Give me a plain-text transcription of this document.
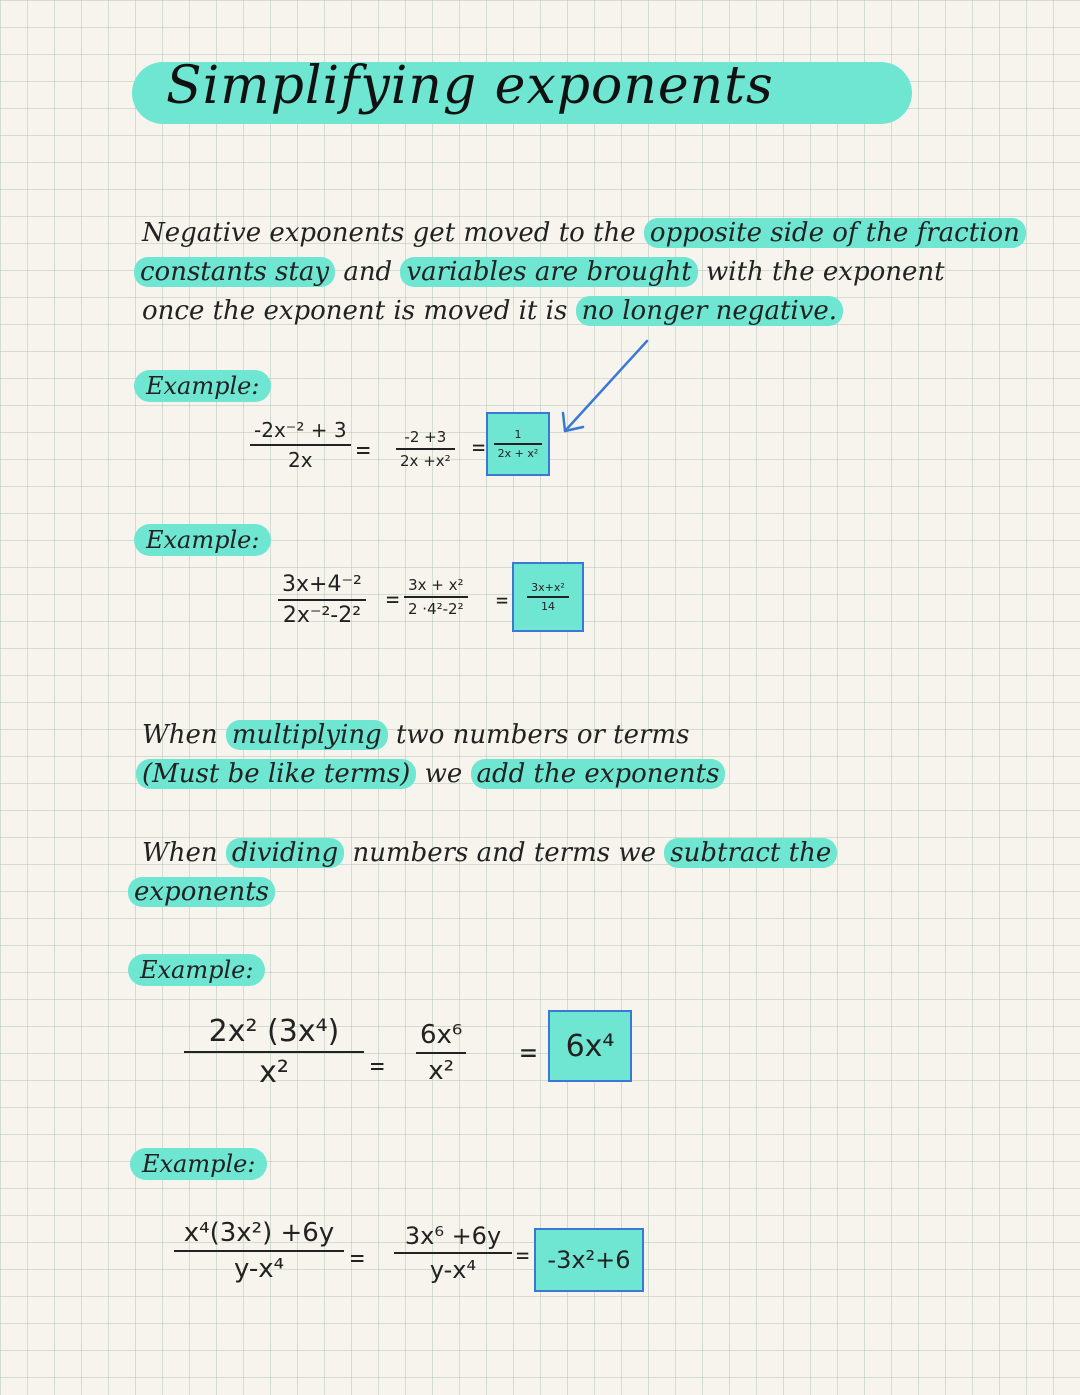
Simplifying exponents
Negative exponents get moved to the opposite side of the fraction
constants stay and variables are brought with the exponent
once the exponent is moved it is no longer negative.
Example:
-2x⁻² + 3
2x = -2 +3
$2x +x^2 = \frac{1}{\text{2x + x²}}$
Example:
3x+4⁻²
2x⁻²-2²
=
3x + x²
$2 \cdot 4^2-2^2 = \frac{\text{3x+x²}}{14}$
When multiplying two numbers or terms
(Must be like terms) we add the exponents
When dividing numbers and terms we subtract the
exponents
Example:
2x² (3x⁴)
x²	=
6x⁶
x²
= 6x⁴
Example:
x⁴(3x²) +6y
y-x⁴	=
3x⁶ +6y
y-x⁴ = -3x²+6
